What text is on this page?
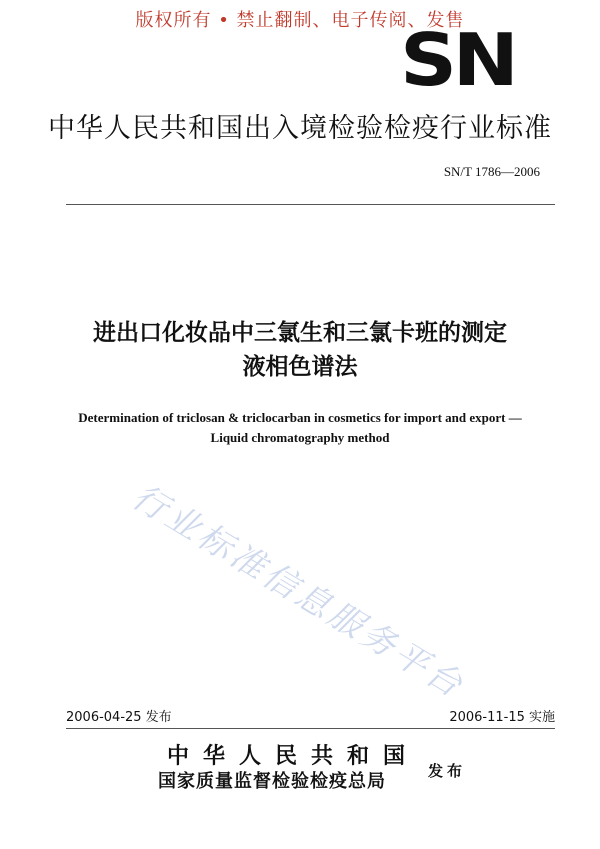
版权所有 • 禁止翻制、电子传阅、发售
SN
中华人民共和国出入境检验检疫行业标准
SN/T 1786—2006
进出口化妆品中三氯生和三氯卡班的测定
液相色谱法
Determination of triclosan & triclocarban in cosmetics for import and export —
Liquid chromatography method
行业标准信息服务平台
2006-04-25 发布	2006-11-15 实施
中华人民共和国
国家质量监督检验检疫总局	发布
